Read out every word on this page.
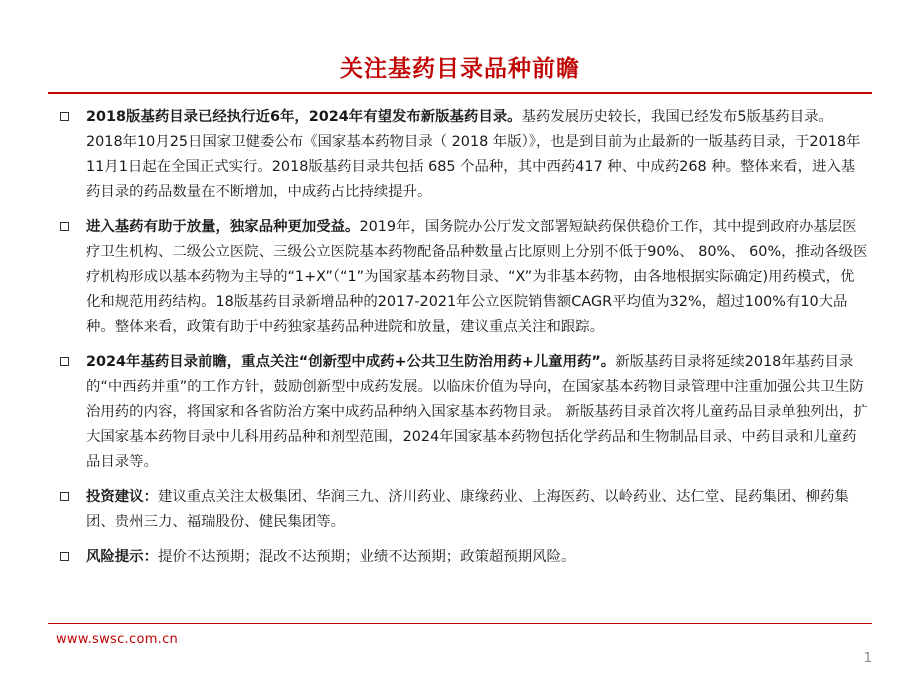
关注基药目录品种前瞻
2018版基药目录已经执行近6年，2024年有望发布新版基药目录。基药发展历史较长，我国已经发布5版基药目录。2018年10月25日国家卫健委公布《国家基本药物目录（ 2018 年版）》，也是到目前为止最新的一版基药目录，于2018年11月1日起在全国正式实行。2018版基药目录共包括 685 个品种，其中西药417 种、中成药268 种。整体来看，进入基药目录的药品数量在不断增加，中成药占比持续提升。
进入基药有助于放量，独家品种更加受益。2019年，国务院办公厅发文部署短缺药保供稳价工作，其中提到政府办基层医疗卫生机构、二级公立医院、三级公立医院基本药物配备品种数量占比原则上分别不低于90%、 80%、 60%，推动各级医疗机构形成以基本药物为主导的“1+X”（“1”为国家基本药物目录、“X”为非基本药物，由各地根据实际确定)用药模式，优化和规范用药结构。18版基药目录新增品种的2017-2021年公立医院销售额CAGR平均值为32%，超过100%有10大品种。整体来看，政策有助于中药独家基药品种进院和放量，建议重点关注和跟踪。
2024年基药目录前瞻，重点关注“创新型中成药+公共卫生防治用药+儿童用药”。新版基药目录将延续2018年基药目录的“中西药并重”的工作方针，鼓励创新型中成药发展。以临床价值为导向，在国家基本药物目录管理中注重加强公共卫生防治用药的内容，将国家和各省防治方案中成药品种纳入国家基本药物目录。 新版基药目录首次将儿童药品目录单独列出，扩大国家基本药物目录中儿科用药品种和剂型范围，2024年国家基本药物包括化学药品和生物制品目录、中药目录和儿童药品目录等。
投资建议：建议重点关注太极集团、华润三九、济川药业、康缘药业、上海医药、以岭药业、达仁堂、昆药集团、柳药集团、贵州三力、福瑞股份、健民集团等。
风险提示：提价不达预期；混改不达预期；业绩不达预期；政策超预期风险。
www.swsc.com.cn
1
